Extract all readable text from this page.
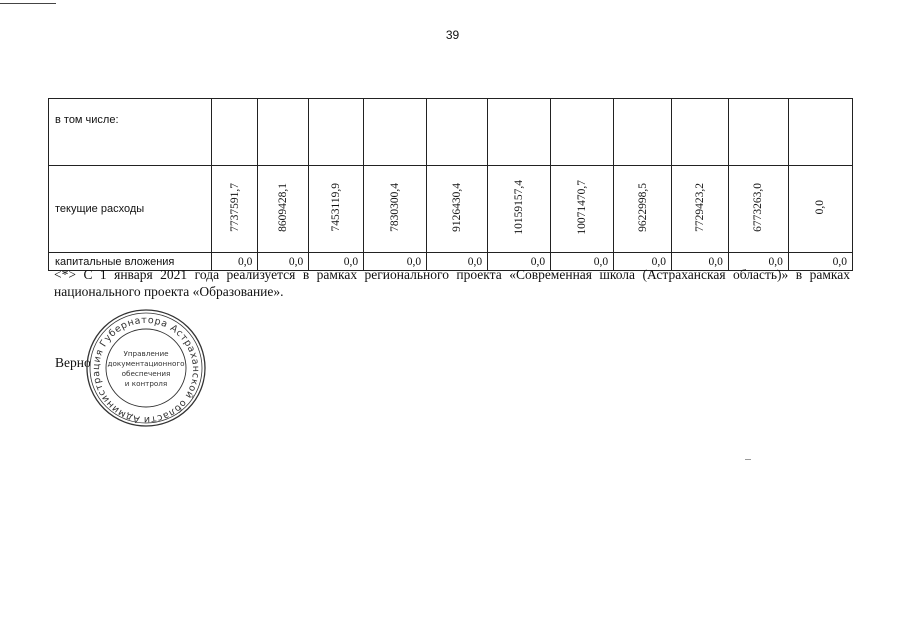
39
в том числе:											
текущие расходы	7737591,7	8609428,1	7453119,9	7830300,4	9126430,4	10159157,4	10071470,7	9622998,5	7729423,2	6773263,0	0,0
капитальные вложения	0,0	0,0	0,0	0,0	0,0	0,0	0,0	0,0	0,0	0,0	0,0
<*> С 1 января 2021 года реализуется в рамках регионального проекта «Современная школа (Астраханская область)» в рамках национального проекта «Образование».
Верно
Администрация Губернатора Астраханской области
Управление
документационного
обеспечения
и контроля
